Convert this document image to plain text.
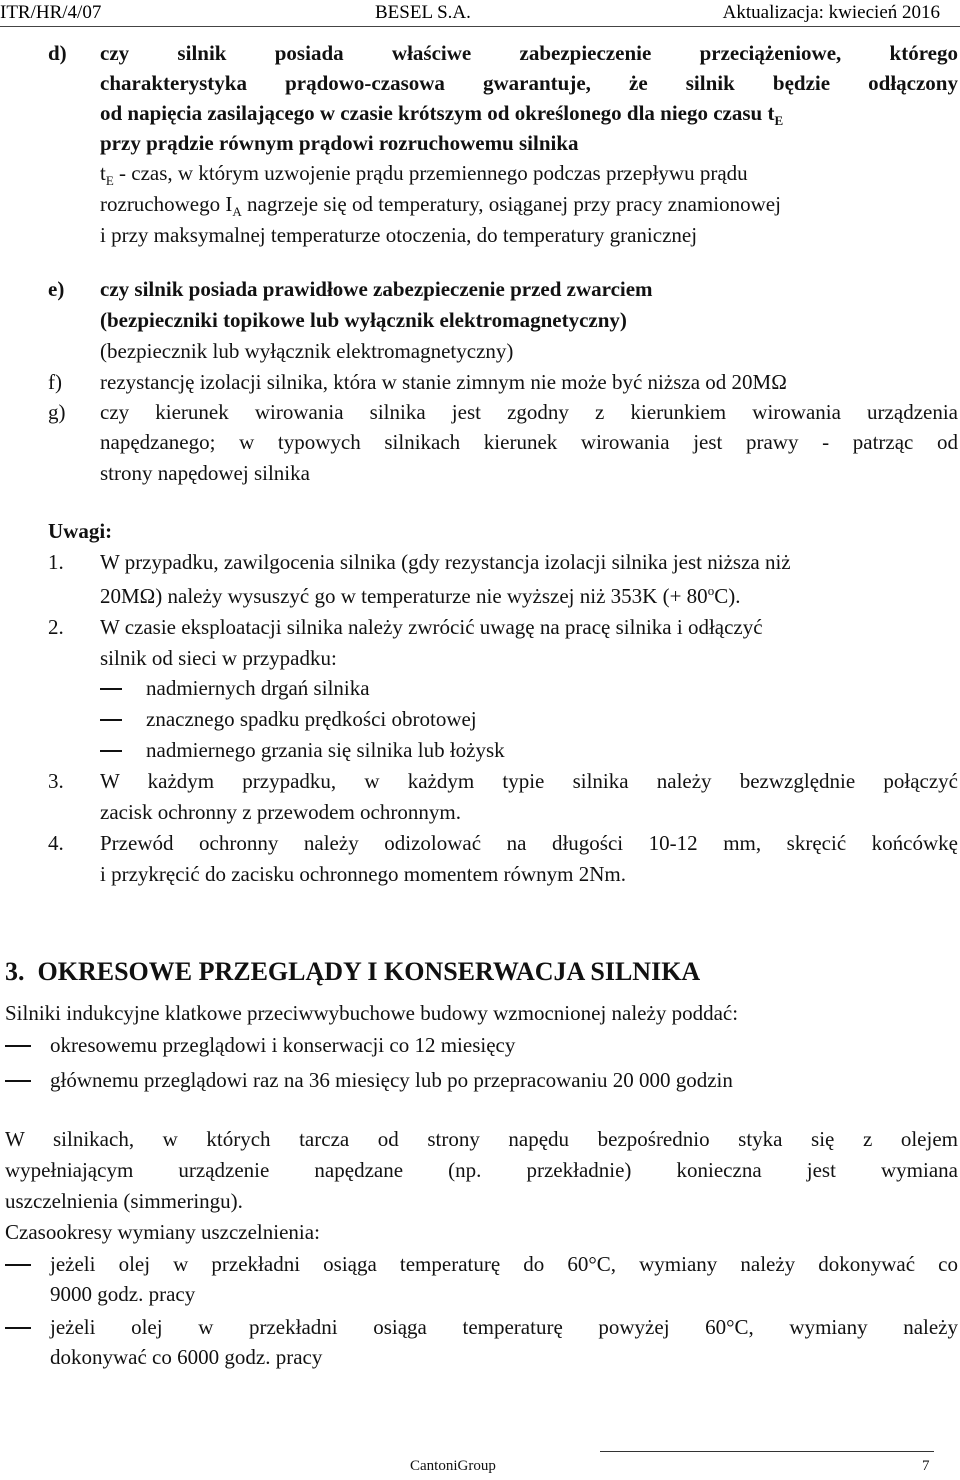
ITR/HR/4/07	BESEL S.A.	Aktualizacja: kwiecień 2016
d) czy silnik posiada właściwe zabezpieczenie przeciążeniowe, którego
charakterystyka prądowo-czasowa gwarantuje, że silnik będzie odłączony
od napięcia zasilającego w czasie krótszym od określonego dla niego czasu $t_E$
przy prądzie równym prądowi rozruchowemu silnika
$t_E$ - czas, w którym uzwojenie prądu przemiennego podczas przepływu prądu
rozruchowego $I_A$ nagrzeje się od temperatury, osiąganej przy pracy znamionowej
i przy maksymalnej temperaturze otoczenia, do temperatury granicznej
e) czy silnik posiada prawidłowe zabezpieczenie przed zwarciem
(bezpieczniki topikowe lub wyłącznik elektromagnetyczny)
(bezpiecznik lub wyłącznik elektromagnetyczny)
f) rezystancję izolacji silnika, która w stanie zimnym nie może być niższa od 20MΩ
g) czy kierunek wirowania silnika jest zgodny z kierunkiem wirowania urządzenia
napędzanego; w typowych silnikach kierunek wirowania jest prawy - patrząc od
strony napędowej silnika
Uwagi:
1. W przypadku, zawilgocenia silnika (gdy rezystancja izolacji silnika jest niższa niż
20MΩ) należy wysuszyć go w temperaturze nie wyższej niż 353K (+ $80^oC$).
2. W czasie eksploatacji silnika należy zwrócić uwagę na pracę silnika i odłączyć
silnik od sieci w przypadku:
nadmiernych drgań silnika
znacznego spadku prędkości obrotowej
nadmiernego grzania się silnika lub łożysk
3. W każdym przypadku, w każdym typie silnika należy bezwzględnie połączyć
zacisk ochronny z przewodem ochronnym.
4. Przewód ochronny należy odizolować na długości 10-12 mm, skręcić końcówkę
i przykręcić do zacisku ochronnego momentem równym 2Nm.
3.  OKRESOWE PRZEGLĄDY I KONSERWACJA SILNIKA
Silniki indukcyjne klatkowe przeciwwybuchowe budowy wzmocnionej należy poddać:
okresowemu przeglądowi i konserwacji co 12 miesięcy
głównemu przeglądowi raz na 36 miesięcy lub po przepracowaniu 20 000 godzin
W silnikach, w których tarcza od strony napędu bezpośrednio styka się z olejem
wypełniającym urządzenie napędzane (np. przekładnie) konieczna jest wymiana
uszczelnienia (simmeringu).
Czasookresy wymiany uszczelnienia:
jeżeli olej w przekładni osiąga temperaturę do 60°C, wymiany należy dokonywać co
9000 godz. pracy
jeżeli olej w przekładni osiąga temperaturę powyżej 60°C, wymiany należy
dokonywać co 6000 godz. pracy
CantoniGroup	7
